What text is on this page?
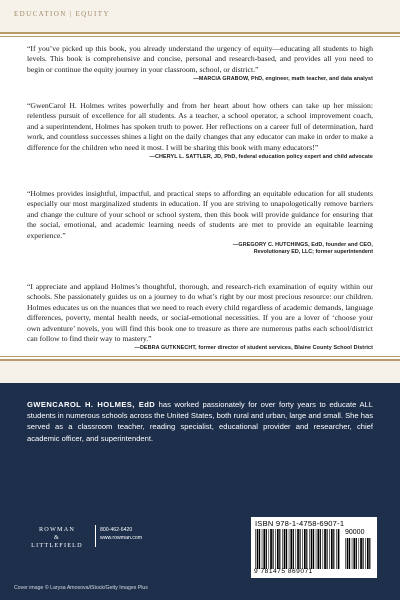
EDUCATION | EQUITY
“If you’ve picked up this book, you already understand the urgency of equity—educating all students to high levels. This book is comprehensive and concise, personal and research-based, and provides all you need to begin or continue the equity journey in your classroom, school, or district.”
—MARCIA GRABOW, PhD, engineer, math teacher, and data analyst
“GwenCarol H. Holmes writes powerfully and from her heart about how others can take up her mission: relentless pursuit of excellence for all students. As a teacher, a school operator, a school improvement coach, and a superintendent, Holmes has spoken truth to power. Her reflections on a career full of determination, hard work, and countless successes shines a light on the daily changes that any educator can make in order to make a difference for the children who need it most. I will be sharing this book with many educators!”
—CHERYL L. SATTLER, JD, PhD, federal education policy expert and child advocate
“Holmes provides insightful, impactful, and practical steps to affording an equitable education for all students especially our most marginalized students in education. If you are striving to unapologetically remove barriers and change the culture of your school or school system, then this book will provide guidance for ensuring that the social, emotional, and academic learning needs of students are met to provide an equitable learning experience.”
—GREGORY C. HUTCHINGS, EdD, founder and CEO,
Revolutionary ED, LLC; former superintendent
“I appreciate and applaud Holmes’s thoughtful, thorough, and research-rich examination of equity within our schools. She passionately guides us on a journey to do what’s right by our most precious resource: our children. Holmes educates us on the nuances that we need to reach every child regardless of academic demands, language differences, poverty, mental health needs, or social-emotional necessities. If you are a lover of ‘choose your own adventure’ novels, you will find this book one to treasure as there are numerous paths each school/district can follow to find their way to mastery.”
—DEBRA GUTKNECHT, former director of student services, Blaine County School District
GWENCAROL H. HOLMES, EdD has worked passionately for over forty years to educate ALL students in numerous schools across the United States, both rural and urban, large and small. She has served as a classroom teacher, reading specialist, educational provider and researcher, chief academic officer, and superintendent.
ROWMAN
&
LITTLEFIELD
800-462-6420
www.rowman.com
ISBN 978-1-4758-6907-1
90000
9 781475 869071
Cover image © Larysa Amosova/iStock/Getty Images Plus
